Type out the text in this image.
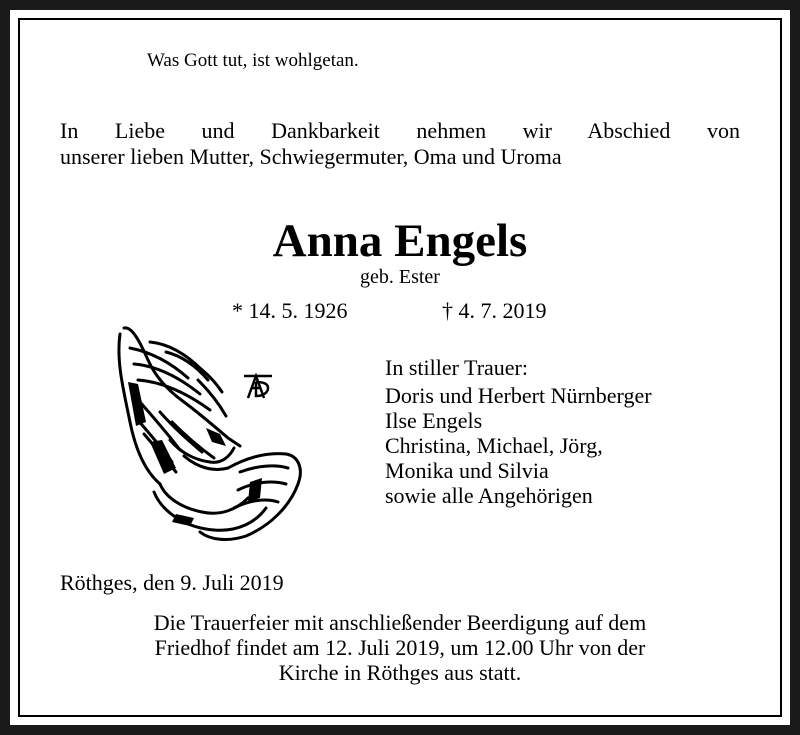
Was Gott tut, ist wohlgetan.
In Liebe und Dankbarkeit nehmen wir Abschied von
unserer lieben Mutter, Schwiegermuter, Oma und Uroma
Anna Engels
geb. Ester
* 14. 5. 1926	† 4. 7. 2019
In stiller Trauer:
Doris und Herbert Nürnberger
Ilse Engels
Christina, Michael, Jörg,
Monika und Silvia
sowie alle Angehörigen
Röthges, den 9. Juli 2019
Die Trauerfeier mit anschließender Beerdigung auf dem
Friedhof findet am 12. Juli 2019, um 12.00 Uhr von der
Kirche in Röthges aus statt.
